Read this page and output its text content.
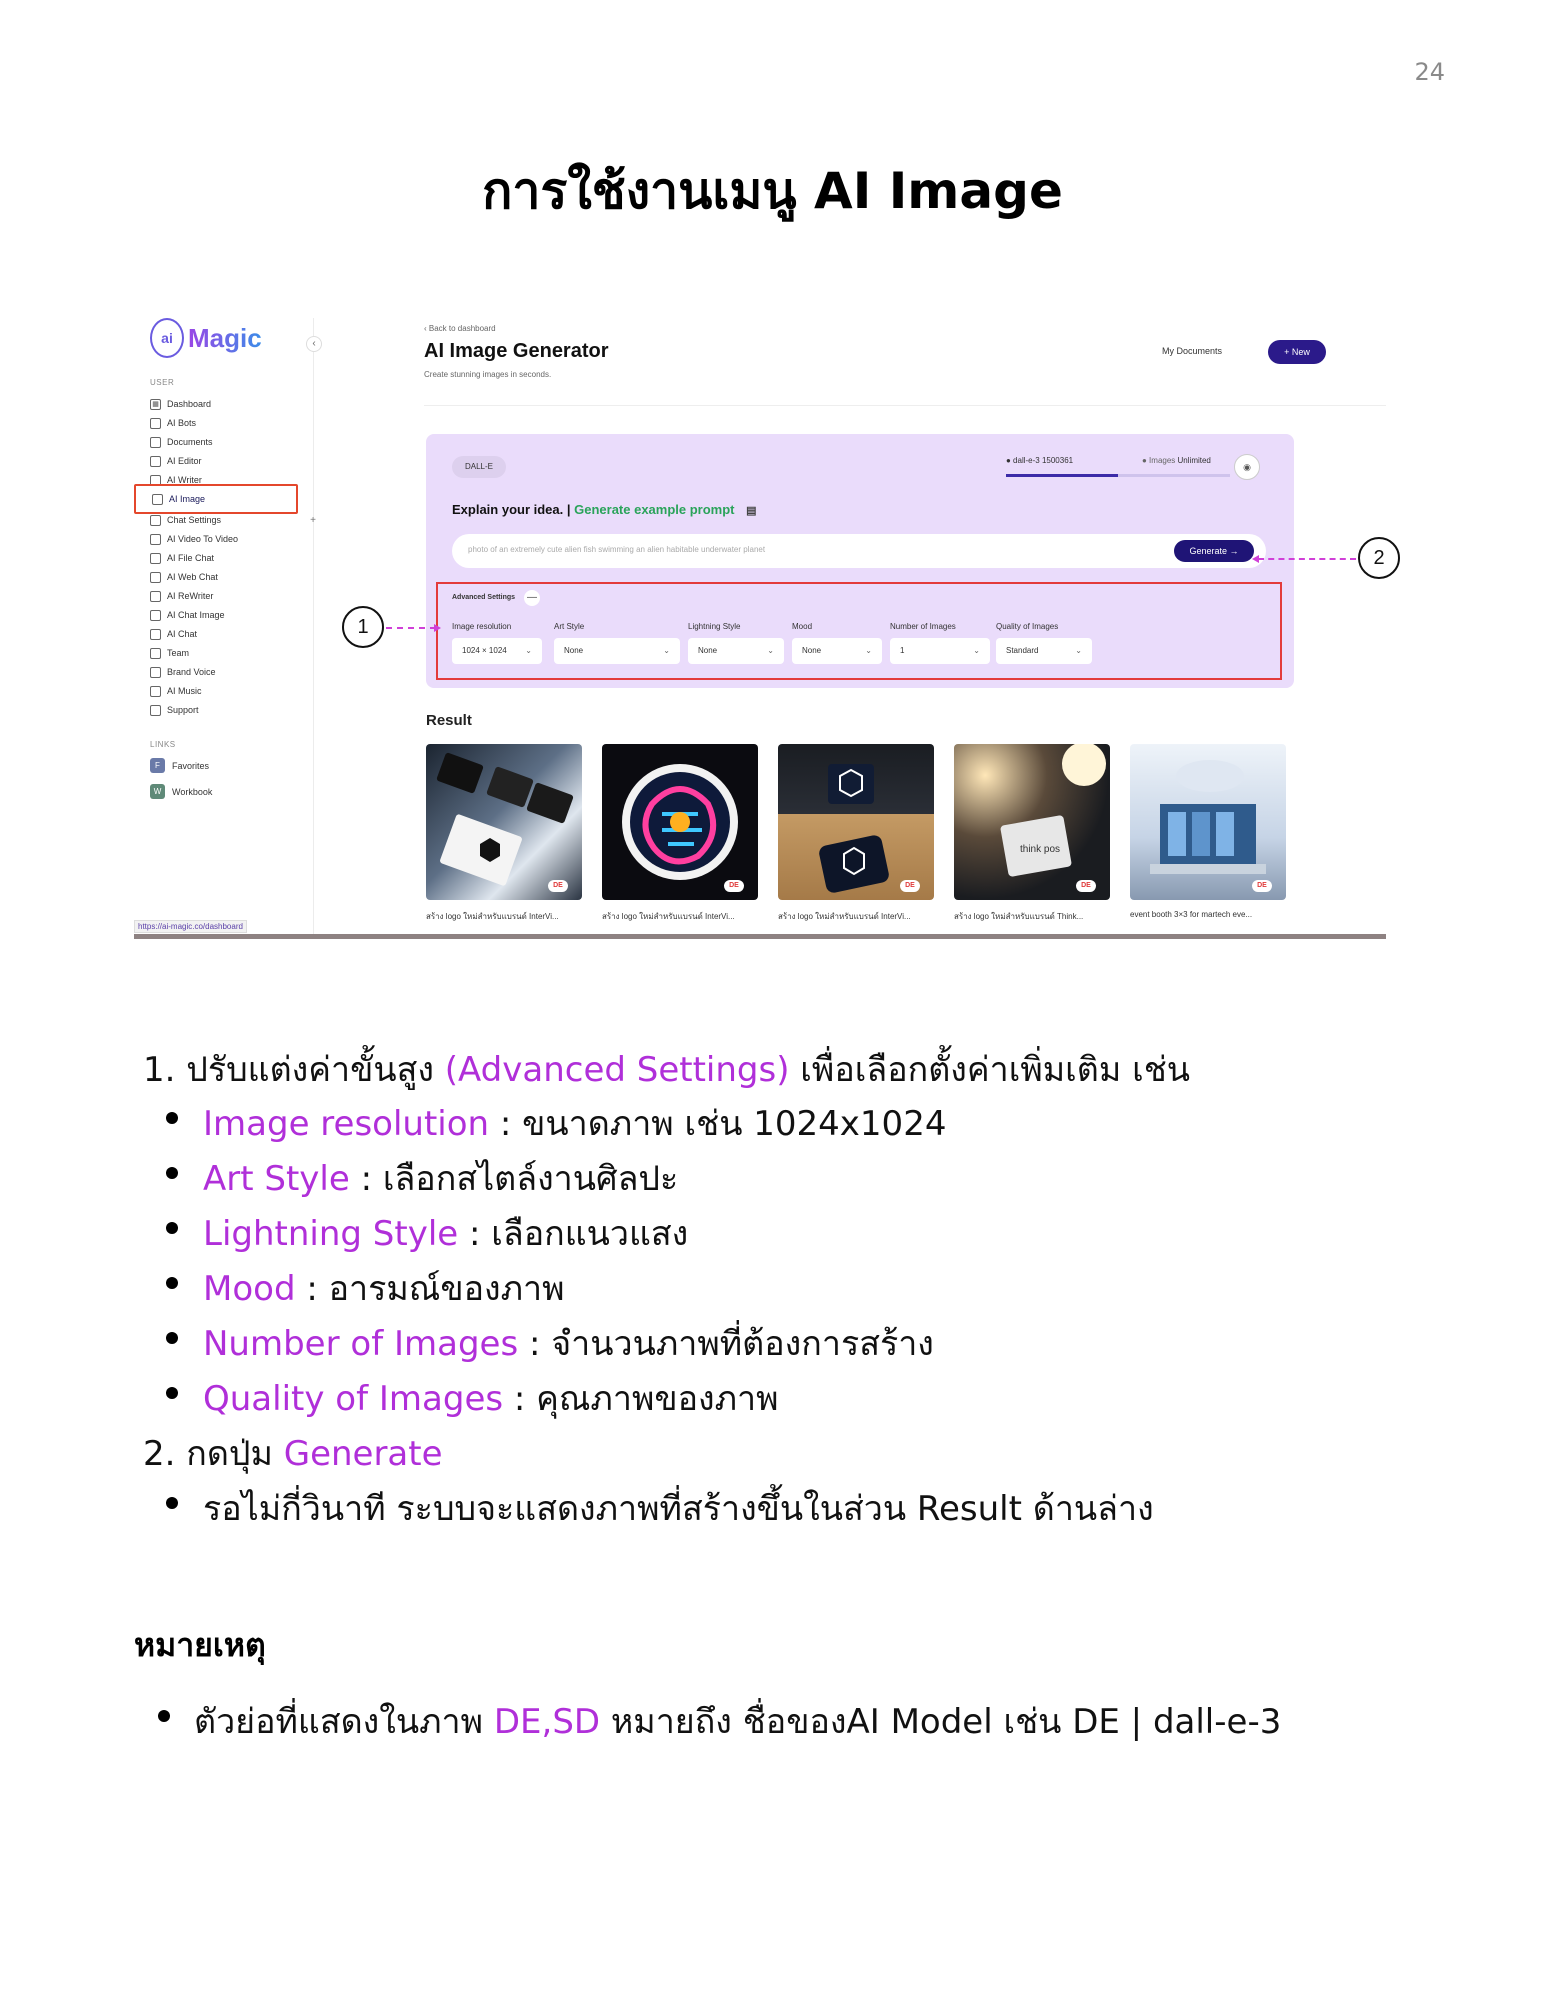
24
การใช้งานเมนู AI Image
ai Magic	‹
USER
▦ Dashboard
AI Bots
Documents
AI Editor
AI Writer
AI Image
Chat Settings	+
AI Video To Video
AI File Chat
AI Web Chat
AI ReWriter
AI Chat Image
AI Chat
Team
Brand Voice
AI Music
Support
LINKS
F	Favorites
W	Workbook
https://ai-magic.co/dashboard
‹ Back to dashboard
AI Image Generator
Create stunning images in seconds.
My Documents	+ New
DALL-E
● dall-e-3 1500361	● Images Unlimited
◉
Explain your idea. | Generate example prompt ▤
photo of an extremely cute alien fish swimming an alien habitable underwater planet	Generate →
Advanced Settings	—
Image resolution
1024 × 1024 ⌄
Art Style
None	⌄
Lightning Style
None	⌄
Mood
None	⌄
Number of Images
1	⌄
Quality of Images
Standard	⌄
Result
DE	DE	DE
think pos
DE	DE
สร้าง logo ใหม่สำหรับแบรนด์ InterVi...	สร้าง logo ใหม่สำหรับแบรนด์ InterVi...	สร้าง logo ใหม่สำหรับแบรนด์ InterVi...	สร้าง logo ใหม่สำหรับแบรนด์ Think...	event booth 3×3 for martech eve...
1
2
1. ปรับแต่งค่าขั้นสูง (Advanced Settings) เพื่อเลือกตั้งค่าเพิ่มเติม เช่น
Image resolution : ขนาดภาพ เช่น 1024x1024
Art Style : เลือกสไตล์งานศิลปะ
Lightning Style : เลือกแนวแสง
Mood : อารมณ์ของภาพ
Number of Images : จำนวนภาพที่ต้องการสร้าง
Quality of Images : คุณภาพของภาพ
2. กดปุ่ม Generate
รอไม่กี่วินาที ระบบจะแสดงภาพที่สร้างขึ้นในส่วน Result ด้านล่าง
หมายเหตุ
ตัวย่อที่แสดงในภาพ DE,SD หมายถึง ชื่อของAI Model เช่น DE | dall-e-3
